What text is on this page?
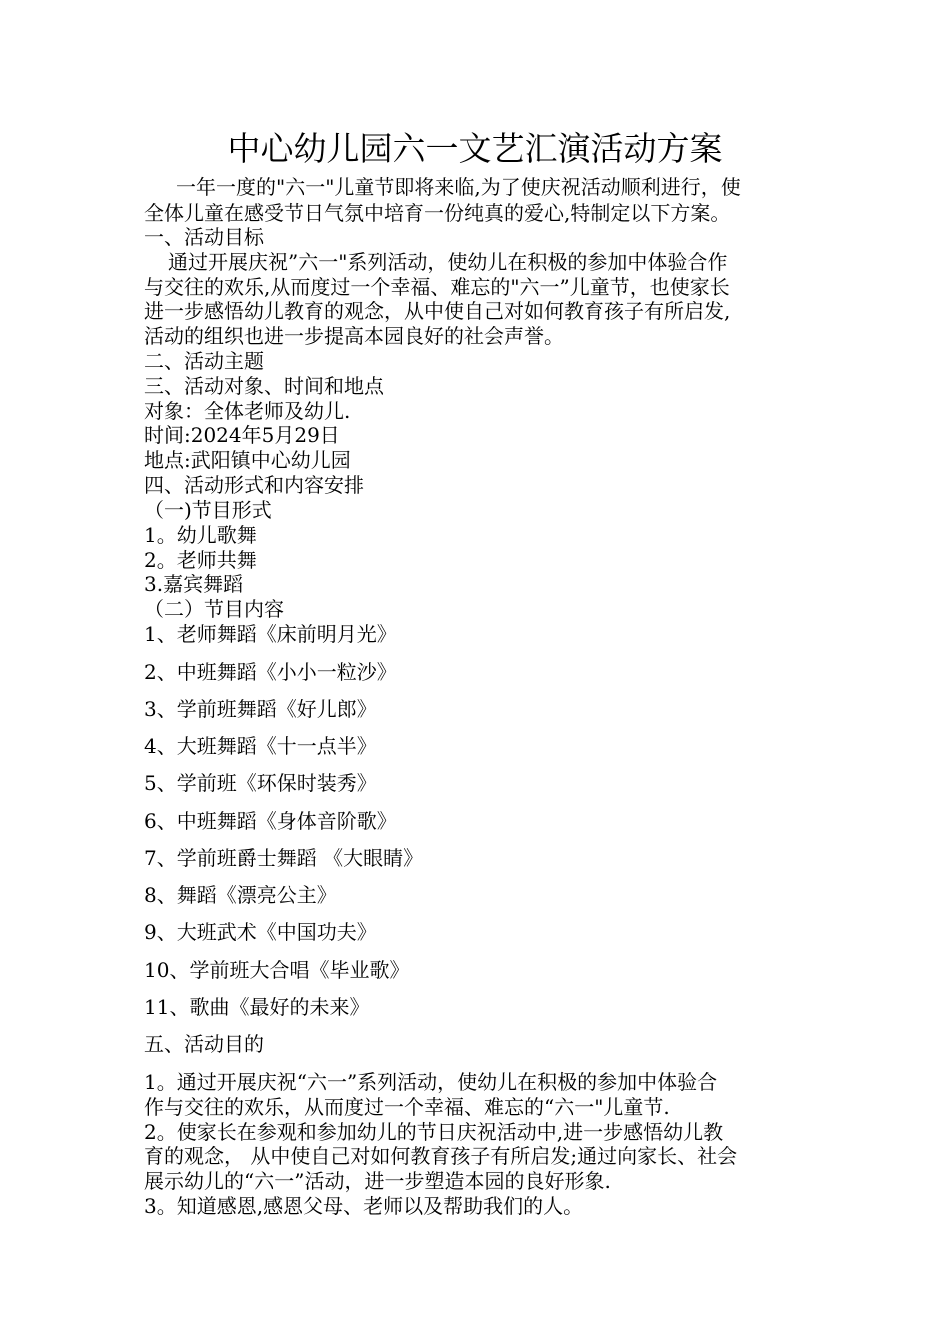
中心幼儿园六一文艺汇演活动方案
一年一度的"六一"儿童节即将来临,为了使庆祝活动顺利进行，使
全体儿童在感受节日气氛中培育一份纯真的爱心,特制定以下方案。
一、活动目标
通过开展庆祝”六一"系列活动，使幼儿在积极的参加中体验合作
与交往的欢乐,从而度过一个幸福、难忘的"六一”儿童节，也使家长
进一步感悟幼儿教育的观念，从中使自己对如何教育孩子有所启发,
活动的组织也进一步提高本园良好的社会声誉。
二、活动主题
三、活动对象、时间和地点
对象：全体老师及幼儿.
时间:2024年5月29日
地点:武阳镇中心幼儿园
四、活动形式和内容安排
（一)节目形式
1。幼儿歌舞
2。老师共舞
3.嘉宾舞蹈
（二）节目内容
1、老师舞蹈《床前明月光》
2、中班舞蹈《小小一粒沙》
3、学前班舞蹈《好儿郎》
4、大班舞蹈《十一点半》
5、学前班《环保时装秀》
6、中班舞蹈《身体音阶歌》
7、学前班爵士舞蹈 《大眼睛》
8、舞蹈《漂亮公主》
9、大班武术《中国功夫》
10、学前班大合唱《毕业歌》
11、歌曲《最好的未来》
五、活动目的
1。通过开展庆祝“六一”系列活动，使幼儿在积极的参加中体验合
作与交往的欢乐，从而度过一个幸福、难忘的“六一"儿童节.
2。使家长在参观和参加幼儿的节日庆祝活动中,进一步感悟幼儿教
育的观念， 从中使自己对如何教育孩子有所启发;通过向家长、社会
展示幼儿的“六一”活动，进一步塑造本园的良好形象.
3。知道感恩,感恩父母、老师以及帮助我们的人。
